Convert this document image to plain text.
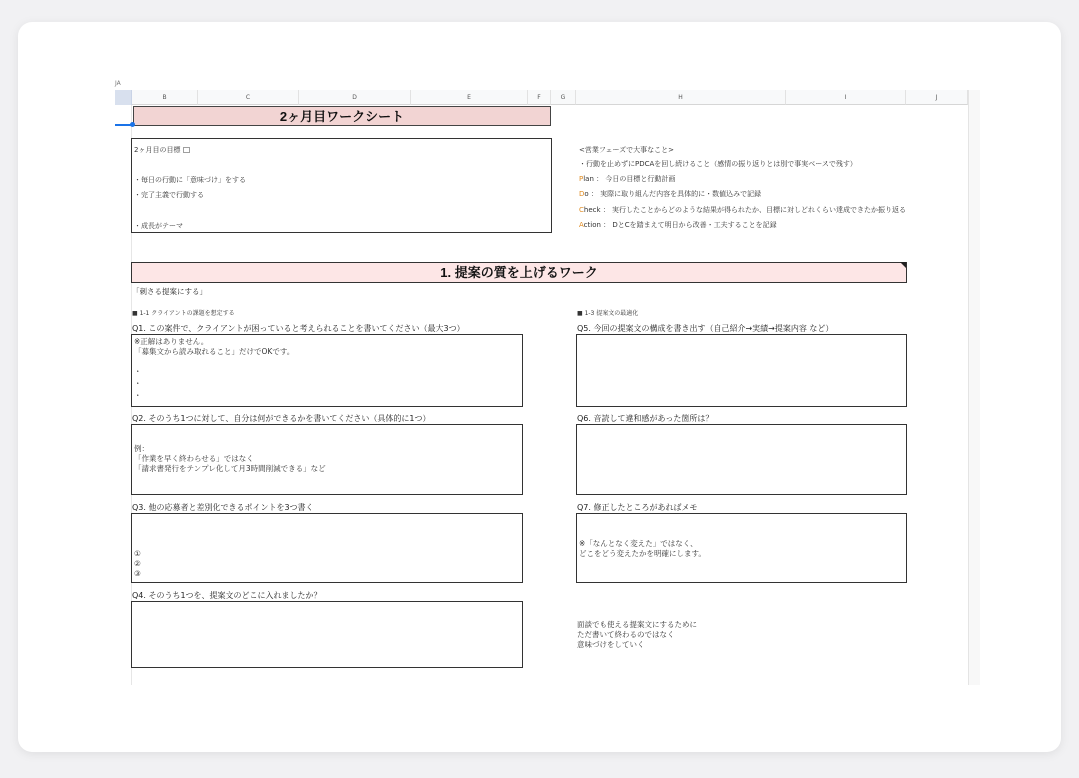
JA
B	C	D	E	F	G	H	I	J
2ヶ月目ワークシート
2ヶ月目の目標
・毎日の行動に「意味づけ」をする
・完了主義で行動する
・成長がテーマ
<営業フェーズで大事なこと>
・行動を止めずにPDCAを回し続けること（感情の振り返りとは別で事実ベースで残す）
Plan ： 今日の目標と行動計画
Do ： 実際に取り組んだ内容を具体的に・数値込みで記録
Check ： 実行したことからどのような結果が得られたか、目標に対しどれくらい達成できたか振り返る
Action ： DとCを踏まえて明日から改善・工夫することを記録
1. 提案の質を上げるワーク
「刺さる提案にする」
■ 1-1 クライアントの課題を想定する
Q1. この案件で、クライアントが困っていると考えられることを書いてください（最大3つ）
※正解はありません。
「募集文から読み取れること」だけでOKです。
・
・
・
Q2. そのうち1つに対して、自分は何ができるかを書いてください（具体的に1つ）
例：
「作業を早く終わらせる」ではなく
「請求書発行をテンプレ化して月3時間削減できる」など
Q3. 他の応募者と差別化できるポイントを3つ書く
①
②
③
Q4. そのうち1つを、提案文のどこに入れましたか？
■ 1-3 提案文の最適化
Q5. 今回の提案文の構成を書き出す（自己紹介→実績→提案内容 など）
Q6. 音読して違和感があった箇所は？
Q7. 修正したところがあればメモ
※「なんとなく変えた」ではなく、
どこをどう変えたかを明確にします。
面談でも使える提案文にするために
ただ書いて終わるのではなく
意味づけをしていく
